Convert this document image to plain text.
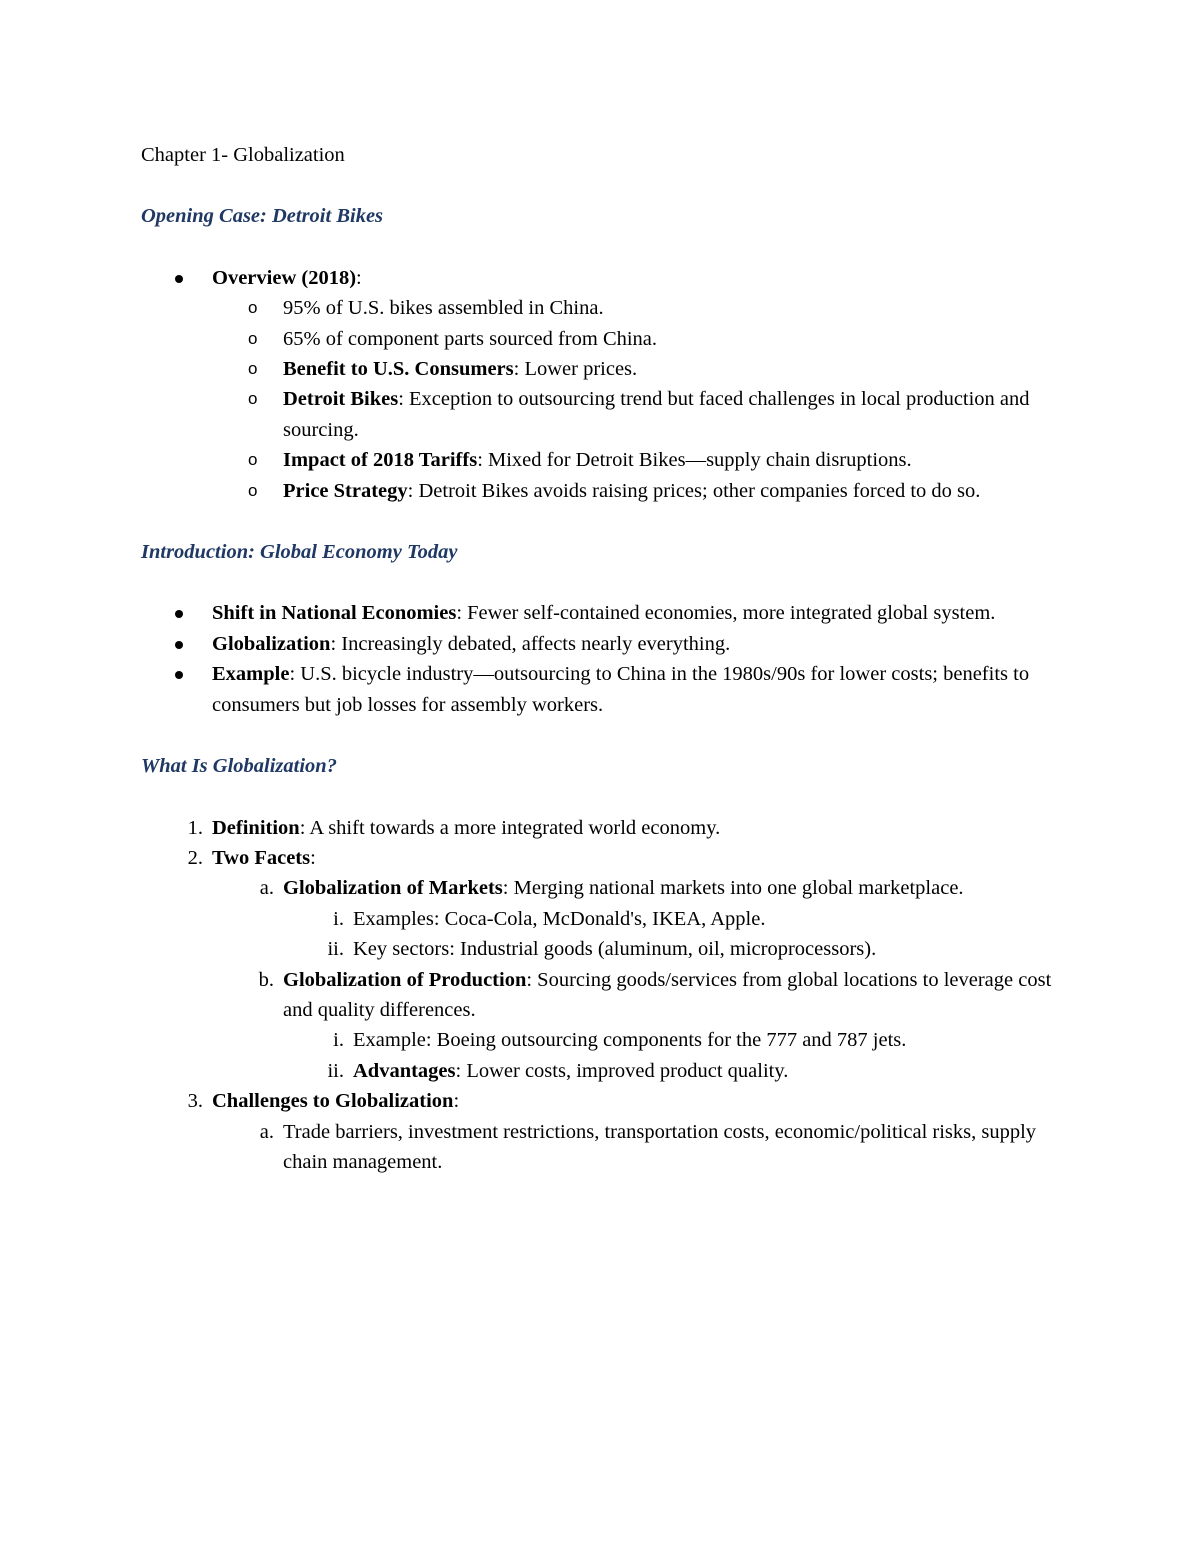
Chapter 1- Globalization

Opening Case: Detroit Bikes
Overview (2018):
o 95% of U.S. bikes assembled in China.
o 65% of component parts sourced from China.
o Benefit to U.S. Consumers: Lower prices.
o Detroit Bikes: Exception to outsourcing trend but faced challenges in local production and sourcing.
o Impact of 2018 Tariffs: Mixed for Detroit Bikes—supply chain disruptions.
o Price Strategy: Detroit Bikes avoids raising prices; other companies forced to do so.
Introduction: Global Economy Today
Shift in National Economies: Fewer self-contained economies, more integrated global system.
Globalization: Increasingly debated, affects nearly everything.
Example: U.S. bicycle industry—outsourcing to China in the 1980s/90s for lower costs; benefits to consumers but job losses for assembly workers.
What Is Globalization?
1. Definition: A shift towards a more integrated world economy.
2. Two Facets:
a. Globalization of Markets: Merging national markets into one global marketplace.
i. Examples: Coca-Cola, McDonald's, IKEA, Apple.
ii. Key sectors: Industrial goods (aluminum, oil, microprocessors).
b. Globalization of Production: Sourcing goods/services from global locations to leverage cost and quality differences.
i. Example: Boeing outsourcing components for the 777 and 787 jets.
ii. Advantages: Lower costs, improved product quality.
3. Challenges to Globalization:
a. Trade barriers, investment restrictions, transportation costs, economic/political risks, supply chain management.
